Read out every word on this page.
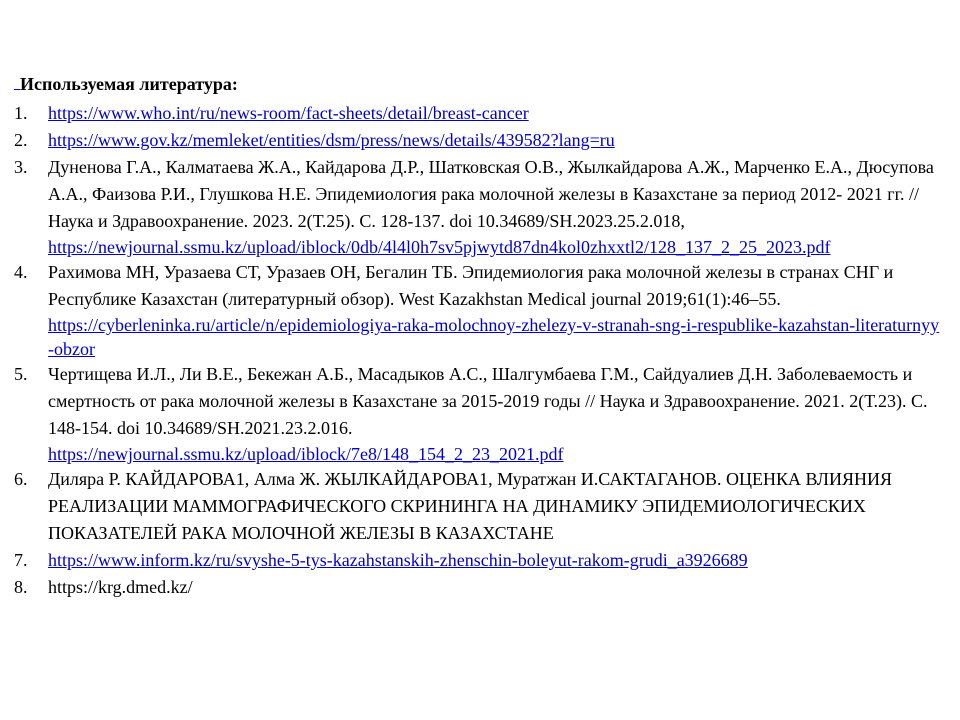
Используемая литература:
1. https://www.who.int/ru/news-room/fact-sheets/detail/breast-cancer
2. https://www.gov.kz/memleket/entities/dsm/press/news/details/439582?lang=ru
3. Дуненова Г.А., Калматаева Ж.А., Кайдарова Д.Р., Шатковская О.В., Жылкайдарова А.Ж., Марченко Е.А., Дюсупова А.А., Фаизова Р.И., Глушкова Н.Е. Эпидемиология рака молочной железы в Казахстане за период 2012- 2021 гг. // Наука и Здравоохранение. 2023. 2(Т.25). С. 128-137. doi 10.34689/SH.2023.25.2.018,
https://newjournal.ssmu.kz/upload/iblock/0db/4l4l0h7sv5pjwytd87dn4kol0zhxxtl2/128_137_2_25_2023.pdf
4. Рахимова МН, Уразаева СТ, Уразаев ОН, Бегалин ТБ. Эпидемиология рака молочной железы в странах СНГ и Республике Казахстан (литературный обзор). West Kazakhstan Medical journal 2019;61(1):46–55.
https://cyberleninka.ru/article/n/epidemiologiya-raka-molochnoy-zhelezy-v-stranah-sng-i-respublike-kazahstan-literaturnyy-obzor
5. Чертищева И.Л., Ли В.Е., Бекежан А.Б., Масадыков А.С., Шалгумбаева Г.М., Сайдуалиев Д.Н. Заболеваемость и смертность от рака молочной железы в Казахстане за 2015-2019 годы // Наука и Здравоохранение. 2021. 2(Т.23). С. 148-154. doi 10.34689/SH.2021.23.2.016.
https://newjournal.ssmu.kz/upload/iblock/7e8/148_154_2_23_2021.pdf
6. Диляра Р. КАЙДАРОВА1, Алма Ж. ЖЫЛКАЙДАРОВА1, Муратжан И.САКТАГАНОВ. ОЦЕНКА ВЛИЯНИЯ РЕАЛИЗАЦИИ МАММОГРАФИЧЕСКОГО СКРИНИНГА НА ДИНАМИКУ ЭПИДЕМИОЛОГИЧЕСКИХ ПОКАЗАТЕЛЕЙ РАКА МОЛОЧНОЙ ЖЕЛЕЗЫ В КАЗАХСТАНЕ
7. https://www.inform.kz/ru/svyshe-5-tys-kazahstanskih-zhenschin-boleyut-rakom-grudi_a3926689
8. https://krg.dmed.kz/
